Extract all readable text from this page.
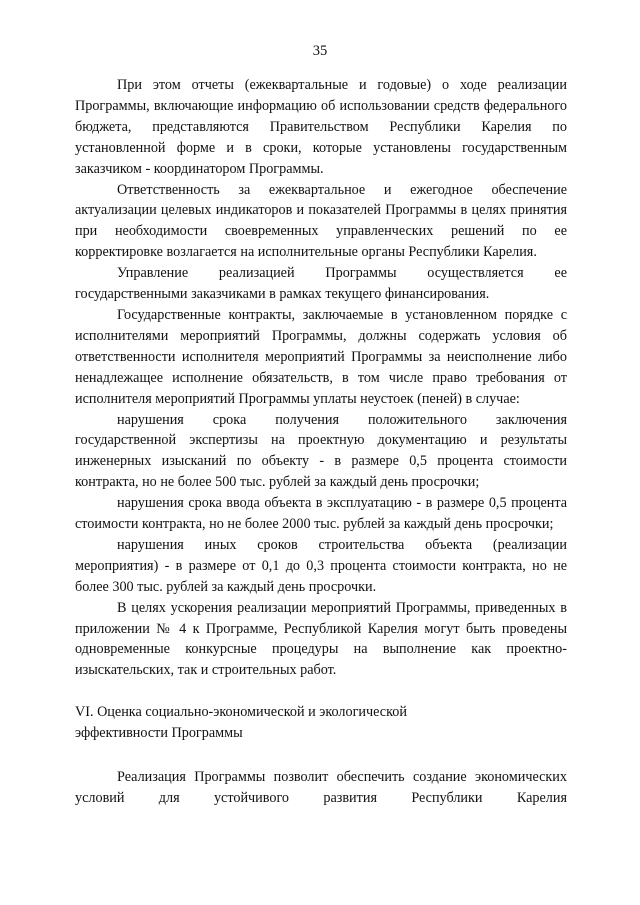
35

При этом отчеты (ежеквартальные и годовые) о ходе реализации Программы, включающие информацию об использовании средств федерального бюджета, представляются Правительством Республики Карелия по установленной форме и в сроки, которые установлены государственным заказчиком - координатором Программы.

Ответственность за ежеквартальное и ежегодное обеспечение актуализации целевых индикаторов и показателей Программы в целях принятия при необходимости своевременных управленческих решений по ее корректировке возлагается на исполнительные органы Республики Карелия.

Управление реализацией Программы осуществляется ее государственными заказчиками в рамках текущего финансирования.

Государственные контракты, заключаемые в установленном порядке с исполнителями мероприятий Программы, должны содержать условия об ответственности исполнителя мероприятий Программы за неисполнение либо ненадлежащее исполнение обязательств, в том числе право требования от исполнителя мероприятий Программы уплаты неустоек (пеней) в случае:

нарушения срока получения положительного заключения государственной экспертизы на проектную документацию и результаты инженерных изысканий по объекту - в размере 0,5 процента стоимости контракта, но не более 500 тыс. рублей за каждый день просрочки;

нарушения срока ввода объекта в эксплуатацию - в размере 0,5 процента стоимости контракта, но не более 2000 тыс. рублей за каждый день просрочки;

нарушения иных сроков строительства объекта (реализации мероприятия) - в размере от 0,1 до 0,3 процента стоимости контракта, но не более 300 тыс. рублей за каждый день просрочки.

В целях ускорения реализации мероприятий Программы, приведенных в приложении № 4 к Программе, Республикой Карелия могут быть проведены одновременные конкурсные процедуры на выполнение как проектно-изыскательских, так и строительных работ.

VI. Оценка социально-экономической и экологической
эффективности Программы

Реализация Программы позволит обеспечить создание экономических условий для устойчивого развития Республики Карелия
